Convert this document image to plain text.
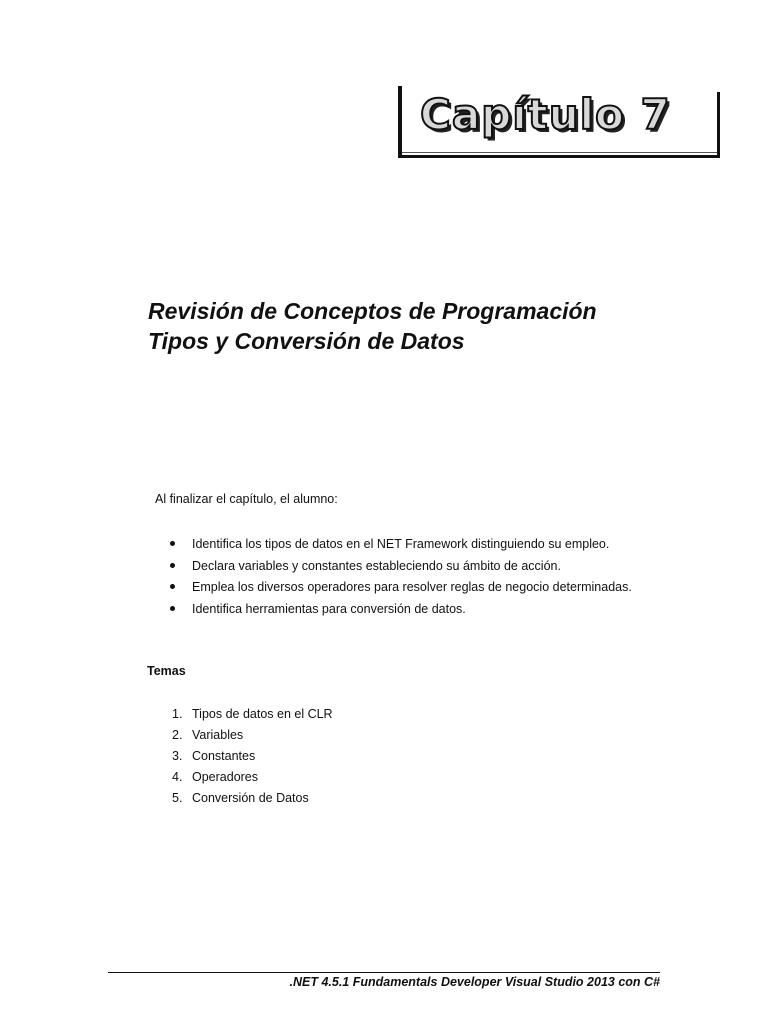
Capítulo 7
Revisión de Conceptos de Programación
Tipos y Conversión de Datos
Al finalizar el capítulo, el alumno:
Identifica los tipos de datos en el NET Framework distinguiendo su empleo.
Declara variables y constantes estableciendo su ámbito de acción.
Emplea los diversos operadores para resolver reglas de negocio determinadas.
Identifica herramientas para conversión de datos.
Temas
1. Tipos de datos en el CLR
2. Variables
3. Constantes
4. Operadores
5. Conversión de Datos
.NET 4.5.1 Fundamentals Developer Visual Studio 2013 con C#
